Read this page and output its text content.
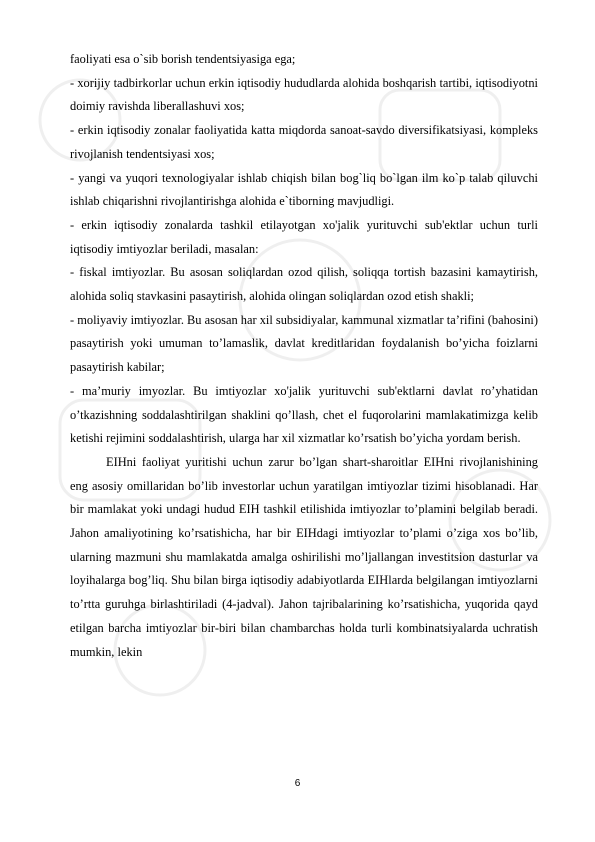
faoliyati esa o`sib borish tendentsiyasiga ega;

- xorijiy tadbirkorlar uchun erkin iqtisodiy hududlarda alohida boshqarish tartibi, iqtisodiyotni doimiy ravishda liberallashuvi xos;

- erkin iqtisodiy zonalar faoliyatida katta miqdorda sanoat-savdo diversifikatsiyasi, kompleks rivojlanish tendentsiyasi xos;

- yangi va yuqori texnologiyalar ishlab chiqish bilan bog`liq bo`lgan ilm ko`p talab qiluvchi ishlab chiqarishni rivojlantirishga alohida e`tiborning mavjudligi.

- erkin iqtisodiy zonalarda tashkil etilayotgan xo'jalik yurituvchi sub'ektlar uchun turli iqtisodiy imtiyozlar beriladi, masalan:

- fiskal imtiyozlar. Bu asosan soliqlardan ozod qilish, soliqqa tortish bazasini kamaytirish, alohida soliq stavkasini pasaytirish, alohida olingan soliqlardan ozod etish shakli;

- moliyaviy imtiyozlar. Bu asosan har xil subsidiyalar, kammunal xizmatlar ta’rifini (bahosini) pasaytirish yoki umuman to’lamaslik, davlat kreditlaridan foydalanish bo’yicha foizlarni pasaytirish kabilar;

- ma’muriy imyozlar. Bu imtiyozlar xo'jalik yurituvchi sub'ektlarni davlat ro’yhatidan o’tkazishning soddalashtirilgan shaklini qo’llash, chet el fuqorolarini mamlakatimizga kelib ketishi rejimini soddalashtirish, ularga har xil xizmatlar ko’rsatish bo’yicha yordam berish.

EIHni faoliyat yuritishi uchun zarur bo’lgan shart-sharoitlar EIHni rivojlanishining eng asosiy omillaridan bo’lib investorlar uchun yaratilgan imtiyozlar tizimi hisoblanadi. Har bir mamlakat yoki undagi hudud EIH tashkil etilishida imtiyozlar to’plamini belgilab beradi. Jahon amaliyotining ko’rsatishicha, har bir EIHdagi imtiyozlar to’plami o’ziga xos bo’lib, ularning mazmuni shu mamlakatda amalga oshirilishi mo’ljallangan investitsion dasturlar va loyihalarga bog’liq. Shu bilan birga iqtisodiy adabiyotlarda EIHlarda belgilangan imtiyozlarni to’rtta guruhga birlashtiriladi (4-jadval). Jahon tajribalarining ko’rsatishicha, yuqorida qayd etilgan barcha imtiyozlar bir-biri bilan chambarchas holda turli kombinatsiyalarda uchratish mumkin, lekin

6
